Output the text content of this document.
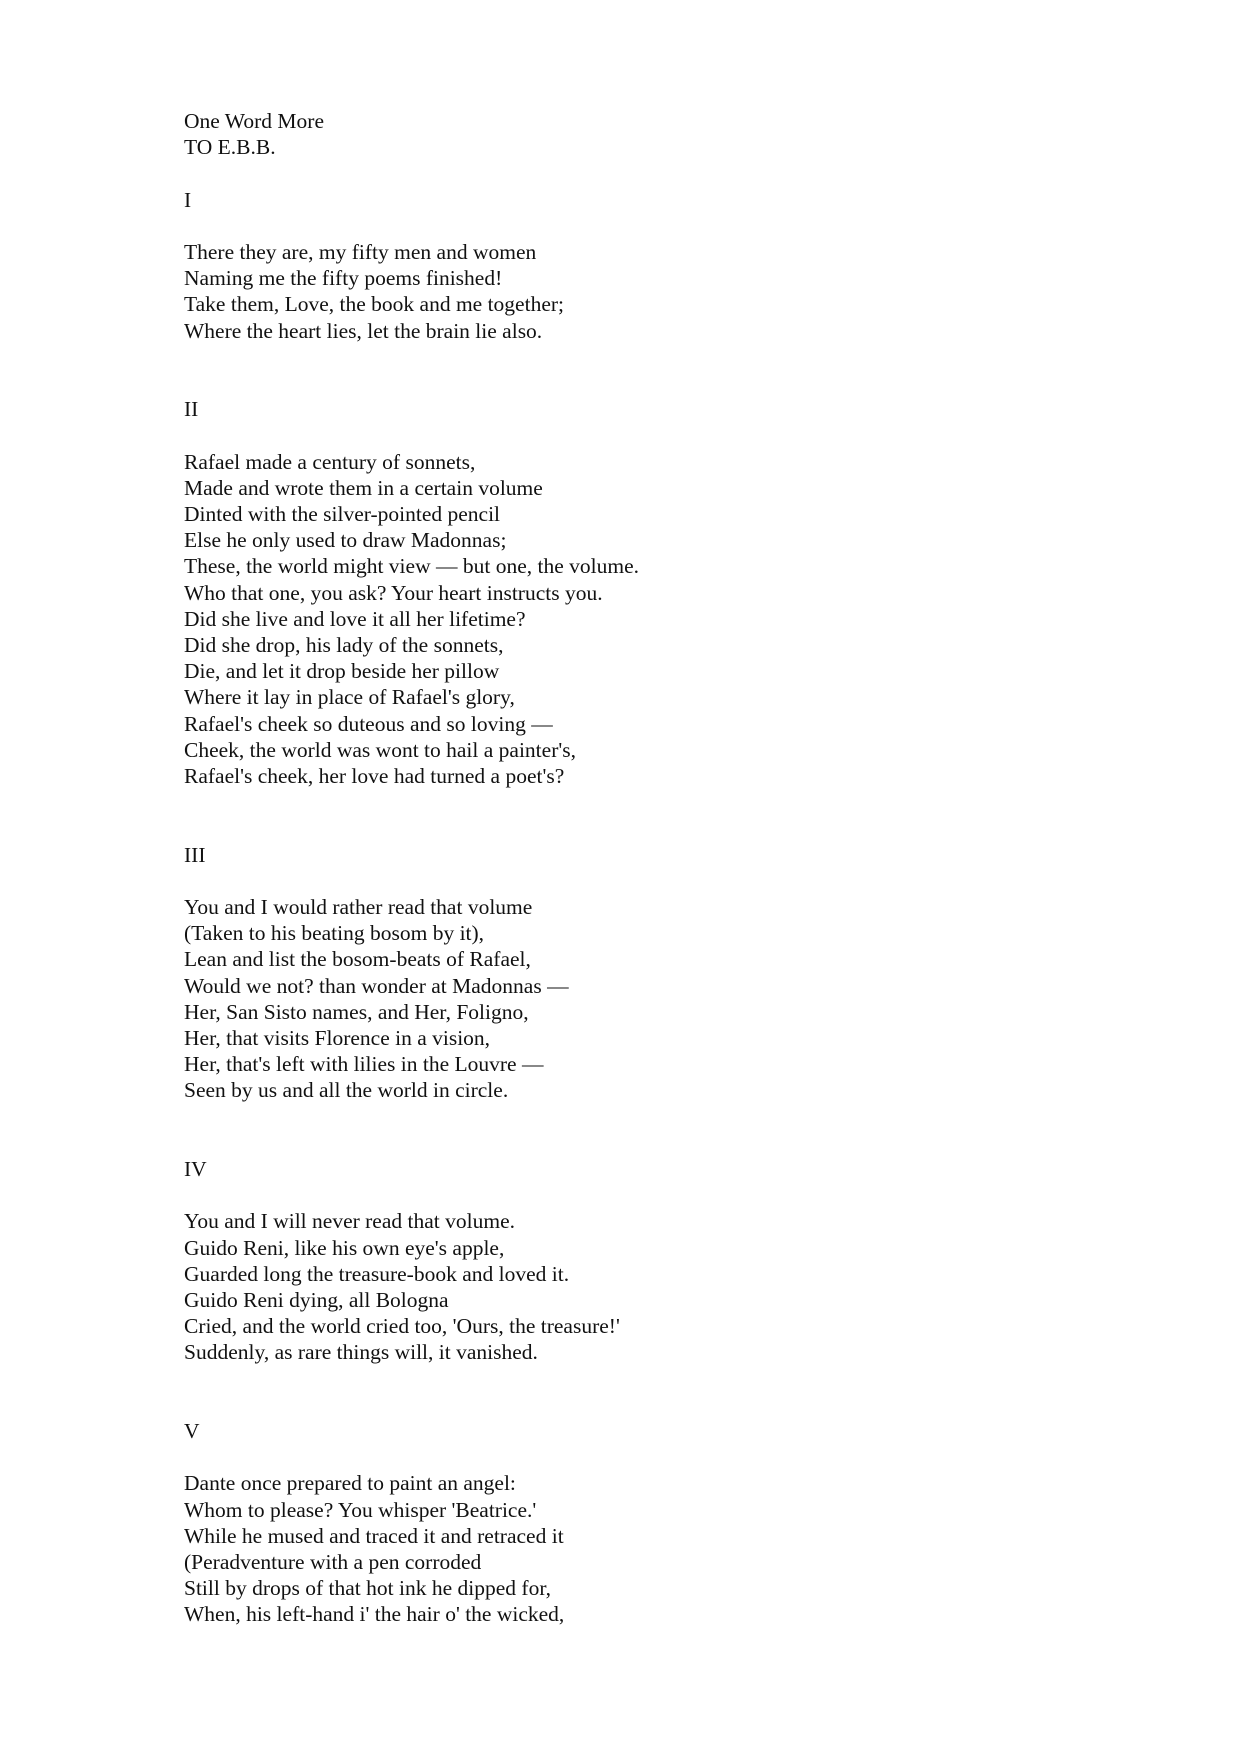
One Word More
TO E.B.B.
I
There they are, my fifty men and women
Naming me the fifty poems finished!
Take them, Love, the book and me together;
Where the heart lies, let the brain lie also.
II
Rafael made a century of sonnets,
Made and wrote them in a certain volume
Dinted with the silver-pointed pencil
Else he only used to draw Madonnas;
These, the world might view — but one, the volume.
Who that one, you ask? Your heart instructs you.
Did she live and love it all her lifetime?
Did she drop, his lady of the sonnets,
Die, and let it drop beside her pillow
Where it lay in place of Rafael's glory,
Rafael's cheek so duteous and so loving —
Cheek, the world was wont to hail a painter's,
Rafael's cheek, her love had turned a poet's?
III
You and I would rather read that volume
(Taken to his beating bosom by it),
Lean and list the bosom-beats of Rafael,
Would we not? than wonder at Madonnas —
Her, San Sisto names, and Her, Foligno,
Her, that visits Florence in a vision,
Her, that's left with lilies in the Louvre —
Seen by us and all the world in circle.
IV
You and I will never read that volume.
Guido Reni, like his own eye's apple,
Guarded long the treasure-book and loved it.
Guido Reni dying, all Bologna
Cried, and the world cried too, 'Ours, the treasure!'
Suddenly, as rare things will, it vanished.
V
Dante once prepared to paint an angel:
Whom to please? You whisper 'Beatrice.'
While he mused and traced it and retraced it
(Peradventure with a pen corroded
Still by drops of that hot ink he dipped for,
When, his left-hand i' the hair o' the wicked,
